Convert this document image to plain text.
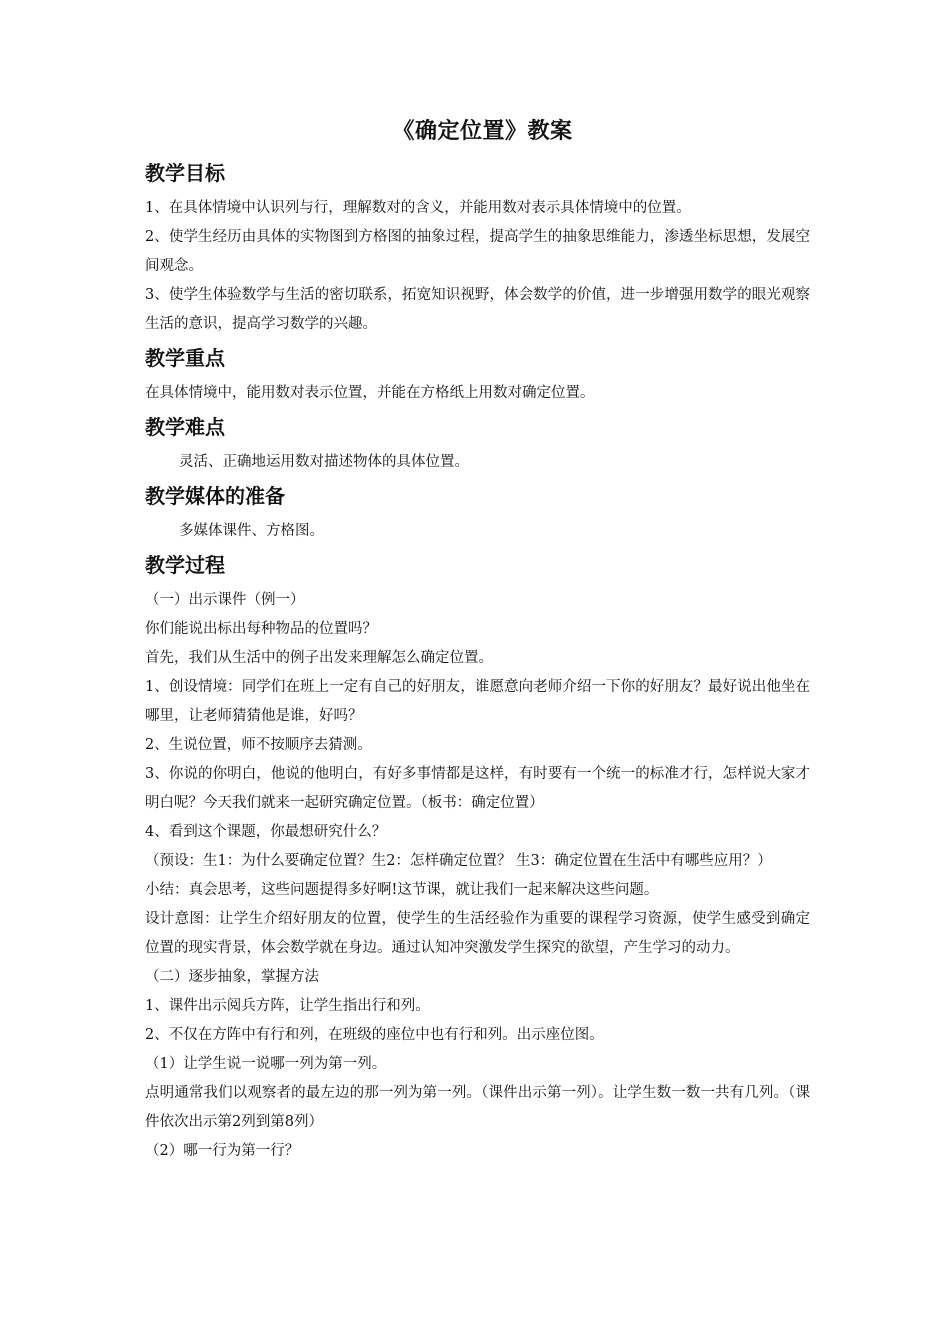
《确定位置》教案
教学目标

1、在具体情境中认识列与行，理解数对的含义，并能用数对表示具体情境中的位置。

2、使学生经历由具体的实物图到方格图的抽象过程，提高学生的抽象思维能力，渗透坐标思想，发展空间观念。

3、使学生体验数学与生活的密切联系，拓宽知识视野，体会数学的价值，进一步增强用数学的眼光观察生活的意识，提高学习数学的兴趣。

教学重点

在具体情境中，能用数对表示位置，并能在方格纸上用数对确定位置。

教学难点

灵活、正确地运用数对描述物体的具体位置。

教学媒体的准备

多媒体课件、方格图。

教学过程

（一）出示课件（例一）

你们能说出标出每种物品的位置吗？

首先，我们从生活中的例子出发来理解怎么确定位置。

1、创设情境：同学们在班上一定有自己的好朋友，谁愿意向老师介绍一下你的好朋友？最好说出他坐在哪里，让老师猜猜他是谁，好吗？

2、生说位置，师不按顺序去猜测。

3、你说的你明白，他说的他明白，有好多事情都是这样，有时要有一个统一的标准才行，怎样说大家才明白呢？今天我们就来一起研究确定位置。（板书：确定位置）

4、看到这个课题，你最想研究什么？

（预设：生1：为什么要确定位置？生2：怎样确定位置？ 生3：确定位置在生活中有哪些应用？）

小结：真会思考，这些问题提得多好啊!这节课，就让我们一起来解决这些问题。

设计意图：让学生介绍好朋友的位置，使学生的生活经验作为重要的课程学习资源，使学生感受到确定位置的现实背景，体会数学就在身边。通过认知冲突激发学生探究的欲望，产生学习的动力。

（二）逐步抽象，掌握方法

1、课件出示阅兵方阵，让学生指出行和列。

2、不仅在方阵中有行和列，在班级的座位中也有行和列。出示座位图。

（1）让学生说一说哪一列为第一列。

点明通常我们以观察者的最左边的那一列为第一列。（课件出示第一列）。让学生数一数一共有几列。（课件依次出示第2列到第8列）

（2）哪一行为第一行？
